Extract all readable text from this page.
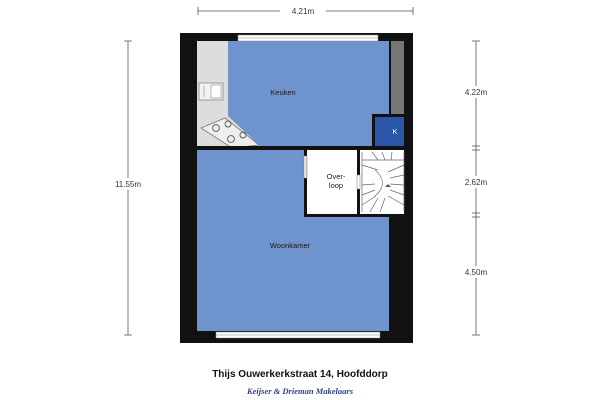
4.21m
11.55m
4.22m
2.62m
4.50m
K
Over-
loop
Keuken
Woonkamer
Thijs Ouwerkerkstraat 14, Hoofddorp
Keijser & Drieman Makelaars
